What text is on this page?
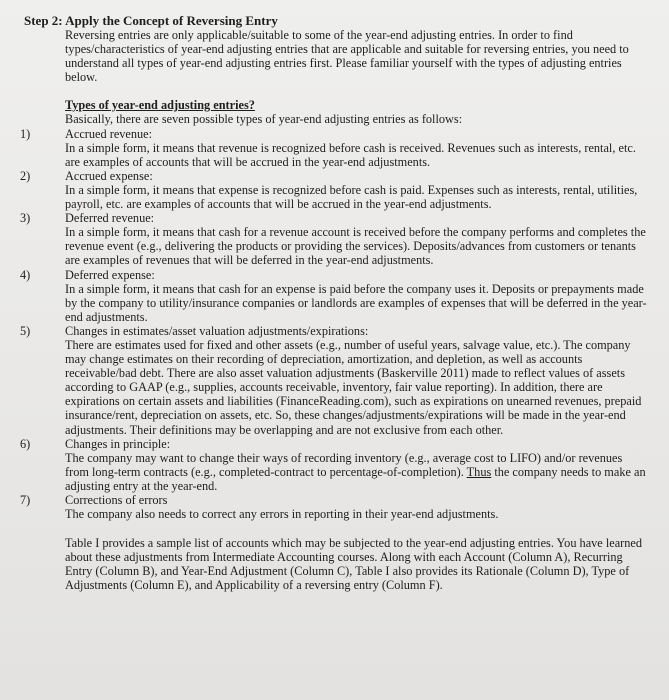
Step 2: Apply the Concept of Reversing Entry

Reversing entries are only applicable/suitable to some of the year-end adjusting entries. In order to find types/characteristics of year-end adjusting entries that are applicable and suitable for reversing entries, you need to understand all types of year-end adjusting entries first. Please familiar yourself with the types of adjusting entries below.

Types of year-end adjusting entries?

Basically, there are seven possible types of year-end adjusting entries as follows:

1)	Accrued revenue:

In a simple form, it means that revenue is recognized before cash is received. Revenues such as interests, rental, etc. are examples of accounts that will be accrued in the year-end adjustments.

2)	Accrued expense:

In a simple form, it means that expense is recognized before cash is paid. Expenses such as interests, rental, utilities, payroll, etc. are examples of accounts that will be accrued in the year-end adjustments.

3)	Deferred revenue:

In a simple form, it means that cash for a revenue account is received before the company performs and completes the revenue event (e.g., delivering the products or providing the services). Deposits/advances from customers or tenants are examples of revenues that will be deferred in the year-end adjustments.

4)	Deferred expense:

In a simple form, it means that cash for an expense is paid before the company uses it. Deposits or prepayments made by the company to utility/insurance companies or landlords are examples of expenses that will be deferred in the year-end adjustments.

5)	Changes in estimates/asset valuation adjustments/expirations:

There are estimates used for fixed and other assets (e.g., number of useful years, salvage value, etc.). The company may change estimates on their recording of depreciation, amortization, and depletion, as well as accounts receivable/bad debt. There are also asset valuation adjustments (Baskerville 2011) made to reflect values of assets according to GAAP (e.g., supplies, accounts receivable, inventory, fair value reporting). In addition, there are expirations on certain assets and liabilities (FinanceReading.com), such as expirations on unearned revenues, prepaid insurance/rent, depreciation on assets, etc. So, these changes/adjustments/expirations will be made in the year-end adjustments. Their definitions may be overlapping and are not exclusive from each other.

6)	Changes in principle:

The company may want to change their ways of recording inventory (e.g., average cost to LIFO) and/or revenues from long-term contracts (e.g., completed-contract to percentage-of-completion). Thus the company needs to make an adjusting entry at the year-end.

7)	Corrections of errors

The company also needs to correct any errors in reporting in their year-end adjustments.

Table I provides a sample list of accounts which may be subjected to the year-end adjusting entries. You have learned about these adjustments from Intermediate Accounting courses. Along with each Account (Column A), Recurring Entry (Column B), and Year-End Adjustment (Column C), Table I also provides its Rationale (Column D), Type of Adjustments (Column E), and Applicability of a reversing entry (Column F).
